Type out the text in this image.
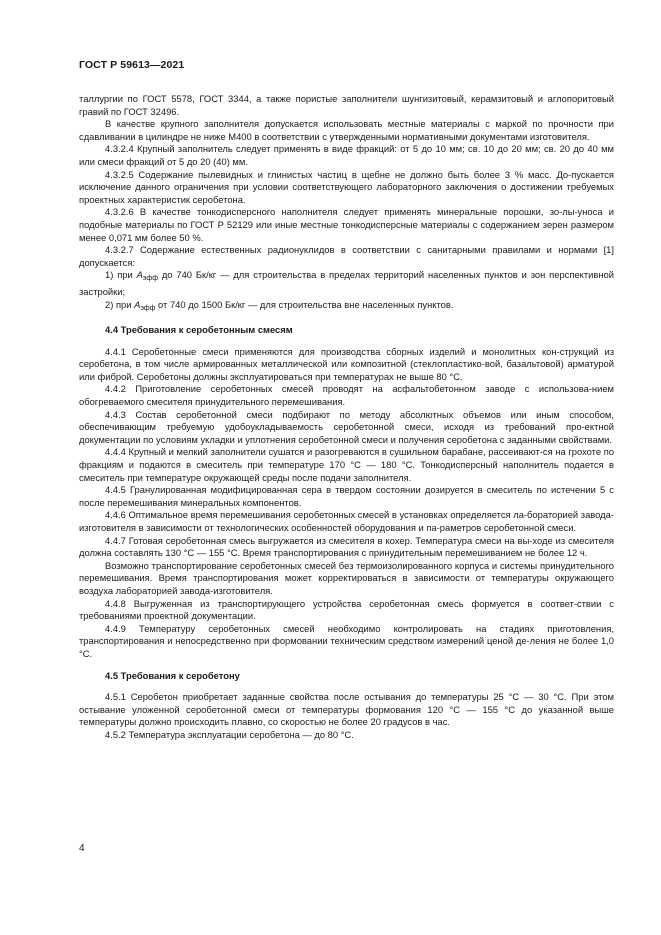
ГОСТ Р 59613—2021

таллургии по ГОСТ 5578, ГОСТ 3344, а также пористые заполнители шунгизитовый, керамзитовый и аглопоритовый гравий по ГОСТ 32496.

В качестве крупного заполнителя допускается использовать местные материалы с маркой по прочности при сдавливании в цилиндре не ниже М400 в соответствии с утвержденными нормативными документами изготовителя.

4.3.2.4 Крупный заполнитель следует применять в виде фракций: от 5 до 10 мм; св. 10 до 20 мм; св. 20 до 40 мм или смеси фракций от 5 до 20 (40) мм.

4.3.2.5 Содержание пылевидных и глинистых частиц в щебне не должно быть более 3 % масс. До-пускается исключение данного ограничения при условии соответствующего лабораторного заключения о достижении требуемых проектных характеристик серобетона.

4.3.2.6 В качестве тонкодисперсного наполнителя следует применять минеральные порошки, зо-лы-уноса и подобные материалы по ГОСТ Р 52129 или иные местные тонкодисперсные материалы с содержанием зерен размером менее 0,071 мм более 50 %.

4.3.2.7 Содержание естественных радионуклидов в соответствии с санитарными правилами и нормами [1] допускается:

1) при $A_{эфф}$ до 740 Бк/кг — для строительства в пределах территорий населенных пунктов и зон перспективной застройки;

2) при $A_{эфф}$ от 740 до 1500 Бк/кг — для строительства вне населенных пунктов.

4.4 Требования к серобетонным смесям

4.4.1 Серобетонные смеси применяются для производства сборных изделий и монолитных кон-струкций из серобетона, в том числе армированных металлической или композитной (стеклопластико-вой, базальтовой) арматурой или фиброй. Серобетоны должны эксплуатироваться при температурах не выше 80 °С.

4.4.2 Приготовление серобетонных смесей проводят на асфальтобетонном заводе с использова-нием обогреваемого смесителя принудительного перемешивания.

4.4.3 Состав серобетонной смеси подбирают по методу абсолютных объемов или иным способом, обеспечивающим требуемую удобоукладываемость серобетонной смеси, исходя из требований про-ектной документации по условиям укладки и уплотнения серобетонной смеси и получения серобетона с заданными свойствами.

4.4.4 Крупный и мелкий заполнители сушатся и разогреваются в сушильном барабане, рассеивают-ся на грохоте по фракциям и подаются в смеситель при температуре 170 °С — 180 °С. Тонкодисперсный наполнитель подается в смеситель при температуре окружающей среды после подачи заполнителя.

4.4.5 Гранулированная модифицированная сера в твердом состоянии дозируется в смеситель по истечении 5 с после перемешивания минеральных компонентов.

4.4.6 Оптимальное время перемешивания серобетонных смесей в установках определяется ла-бораторией завода-изготовителя в зависимости от технологических особенностей оборудования и па-раметров серобетонной смеси.

4.4.7 Готовая серобетонная смесь выгружается из смесителя в кохер. Температура смеси на вы-ходе из смесителя должна составлять 130 °С — 155 °С. Время транспортирования с принудительным перемешиванием не более 12 ч.

Возможно транспортирование серобетонных смесей без термоизолированного корпуса и системы принудительного перемешивания. Время транспортирования может корректироваться в зависимости от температуры окружающего воздуха лабораторией завода-изготовителя.

4.4.8 Выгруженная из транспортирующего устройства серобетонная смесь формуется в соответ-ствии с требованиями проектной документации.

4.4.9 Температуру серобетонных смесей необходимо контролировать на стадиях приготовления, транспортирования и непосредственно при формовании техническим средством измерений ценой де-ления не более 1,0 °С.

4.5 Требования к серобетону

4.5.1 Серобетон приобретает заданные свойства после остывания до температуры 25 °С — 30 °С. При этом остывание уложенной серобетонной смеси от температуры формования 120 °С — 155 °С до указанной выше температуры должно происходить плавно, со скоростью не более 20 градусов в час.

4.5.2 Температура эксплуатации серобетона — до 80 °С.

4
